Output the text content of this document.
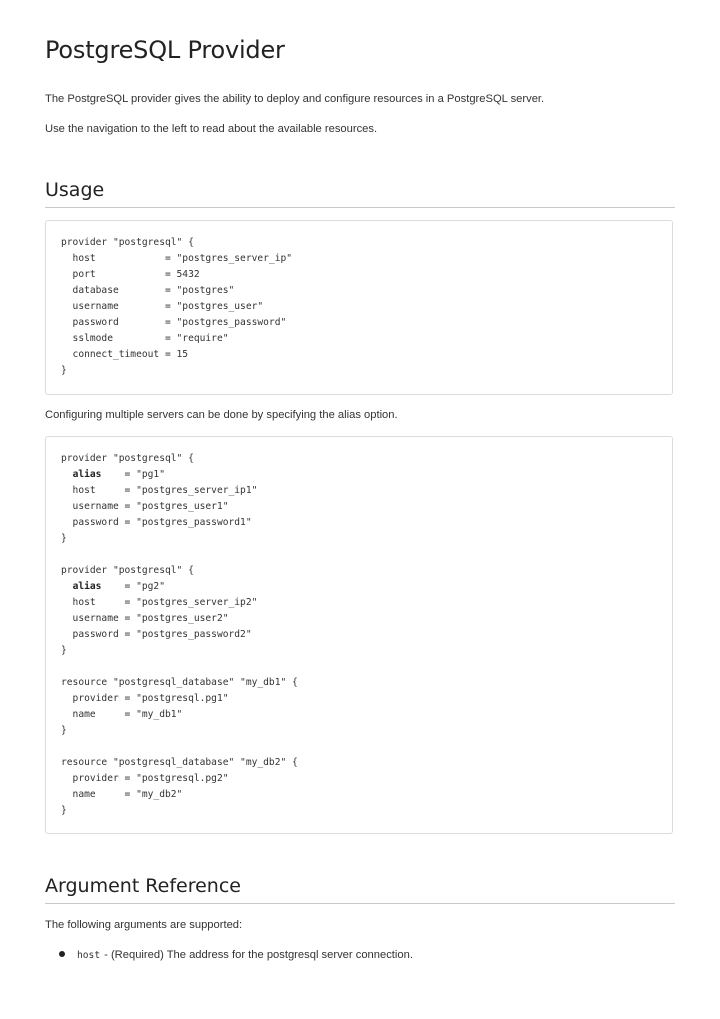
PostgreSQL Provider

The PostgreSQL provider gives the ability to deploy and configure resources in a PostgreSQL server.

Use the navigation to the left to read about the available resources.

Usage
provider "postgresql" {
host            = "postgres_server_ip"
port            = 5432
database        = "postgres"
username        = "postgres_user"
password        = "postgres_password"
sslmode         = "require"
connect_timeout = 15
}

Configuring multiple servers can be done by specifying the alias option.

provider "postgresql" {
alias    = "pg1"
host     = "postgres_server_ip1"
username = "postgres_user1"
password = "postgres_password1"
}
provider "postgresql" {
alias    = "pg2"
host     = "postgres_server_ip2"
username = "postgres_user2"
password = "postgres_password2"
}
resource "postgresql_database" "my_db1" {
provider = "postgresql.pg1"
name     = "my_db1"
}
resource "postgresql_database" "my_db2" {
provider = "postgresql.pg2"
name     = "my_db2"
}
Argument Reference

The following arguments are supported:

host - (Required) The address for the postgresql server connection.
